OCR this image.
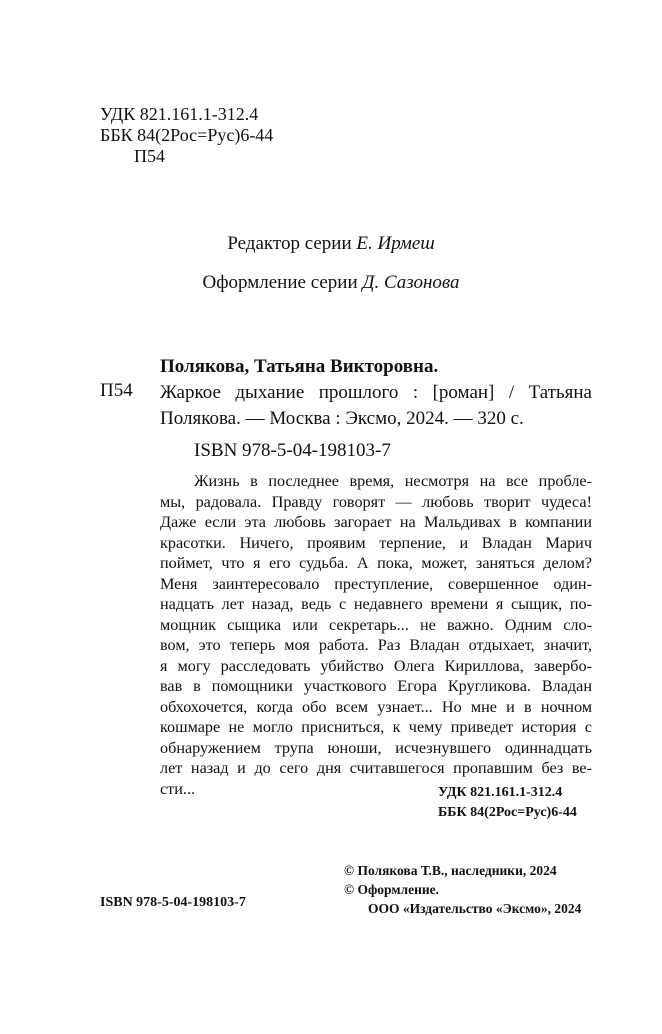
УДК 821.161.1-312.4
ББК 84(2Рос=Рус)6-44
П54
Редактор серии Е. Ирмеш
Оформление серии Д. Сазонова
Полякова, Татьяна Викторовна.
П54 Жаркое дыхание прошлого : [роман] / Татьяна
Полякова. — Москва : Эксмо, 2024. — 320 с.
ISBN 978-5-04-198103-7
Жизнь в последнее время, несмотря на все пробле-
мы, радовала. Правду говорят — любовь творит чудеса!
Даже если эта любовь загорает на Мальдивах в компании
красотки. Ничего, проявим терпение, и Владан Марич
поймет, что я его судьба. А пока, может, заняться делом?
Меня заинтересовало преступление, совершенное один-
надцать лет назад, ведь с недавнего времени я сыщик, по-
мощник сыщика или секретарь... не важно. Одним сло-
вом, это теперь моя работа. Раз Владан отдыхает, значит,
я могу расследовать убийство Олега Кириллова, завербо-
вав в помощники участкового Егора Кругликова. Владан
обхохочется, когда обо всем узнает... Но мне и в ночном
кошмаре не могло присниться, к чему приведет история с
обнаружением трупа юноши, исчезнувшего одиннадцать
лет назад и до сего дня считавшегося пропавшим без ве-
сти...	УДК 821.161.1-312.4
ББК 84(2Рос=Рус)6-44
© Полякова Т.В., наследники, 2024
© Оформление.
ООО «Издательство «Эксмо», 2024
ISBN 978-5-04-198103-7
